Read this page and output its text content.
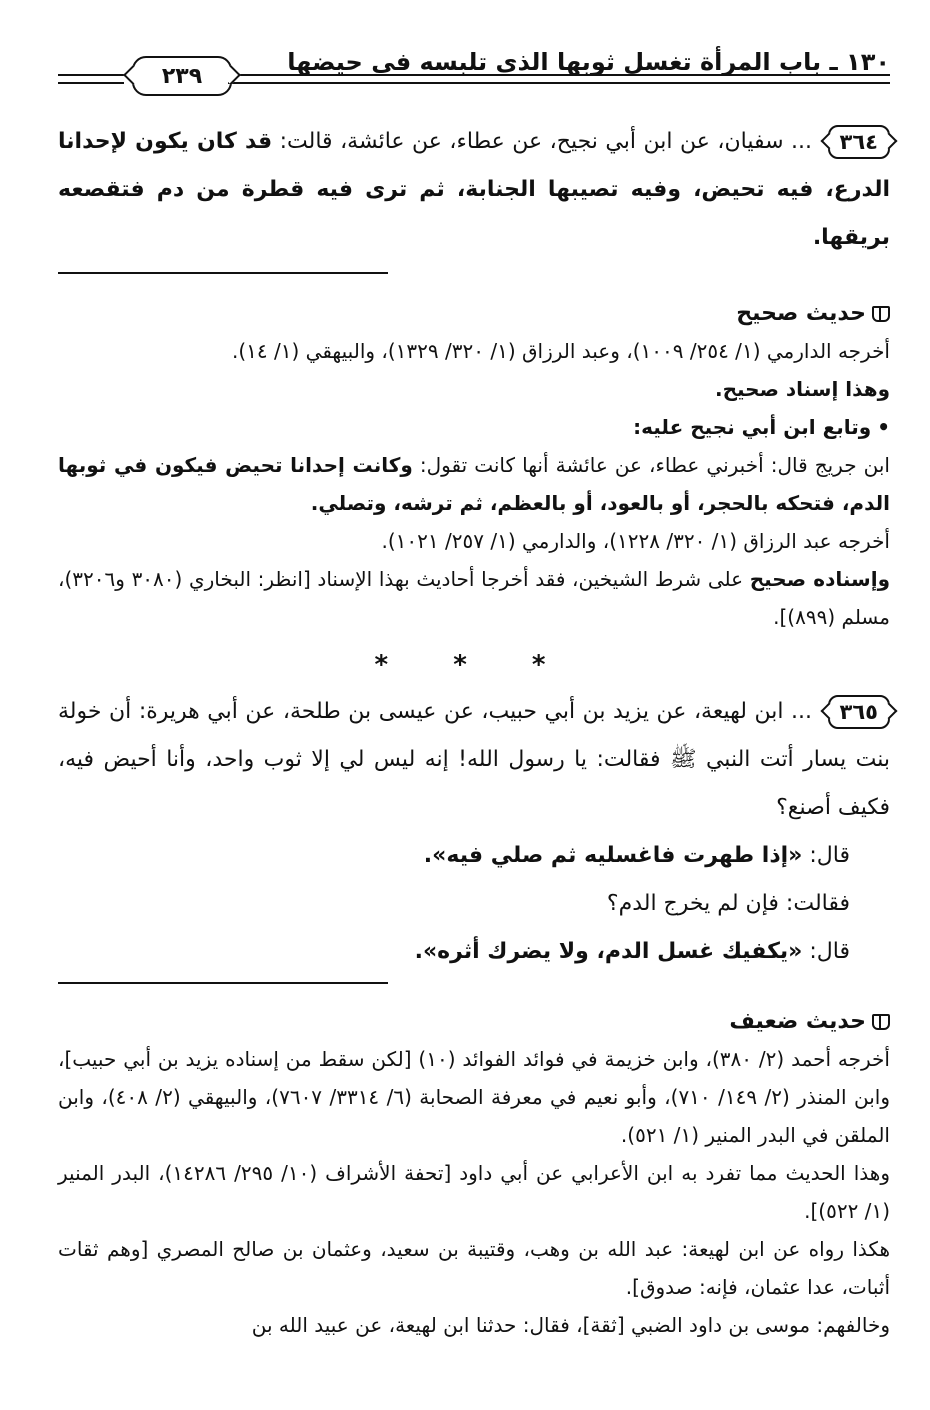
١٣٠ ـ باب المرأة تغسل ثوبها الذي تلبسه في حيضها
٢٣٩

٣٦٤ ... سفيان، عن ابن أبي نجيح، عن عطاء، عن عائشة، قالت: قد كان يكون لإحدانا الدرع، فيه تحيض، وفيه تصيبها الجنابة، ثم ترى فيه قطرة من دم فتقصعه بريقها.

حديث صحيح

أخرجه الدارمي (١/ ٢٥٤/ ١٠٠٩)، وعبد الرزاق (١/ ٣٢٠/ ١٣٢٩)، والبيهقي (١/ ١٤).

وهذا إسناد صحيح.

•وتابع ابن أبي نجيح عليه:

ابن جريج قال: أخبرني عطاء، عن عائشة أنها كانت تقول: وكانت إحدانا تحيض فيكون في ثوبها الدم، فتحكه بالحجر، أو بالعود، أو بالعظم، ثم ترشه، وتصلي.

أخرجه عبد الرزاق (١/ ٣٢٠/ ١٢٢٨)، والدارمي (١/ ٢٥٧/ ١٠٢١).

وإسناده صحيح على شرط الشيخين، فقد أخرجا أحاديث بهذا الإسناد [انظر: البخاري (٣٠٨٠ و٣٢٠٦)، مسلم (٨٩٩)].

* * *

٣٦٥ ... ابن لهيعة، عن يزيد بن أبي حبيب، عن عيسى بن طلحة، عن أبي هريرة: أن خولة بنت يسار أتت النبي ﷺ فقالت: يا رسول الله! إنه ليس لي إلا ثوب واحد، وأنا أحيض فيه، فكيف أصنع؟

قال: «إذا طهرت فاغسليه ثم صلي فيه».

فقالت: فإن لم يخرج الدم؟

قال: «يكفيك غسل الدم، ولا يضرك أثره».

حديث ضعيف

أخرجه أحمد (٢/ ٣٨٠)، وابن خزيمة في فوائد الفوائد (١٠) [لكن سقط من إسناده يزيد بن أبي حبيب]، وابن المنذر (٢/ ١٤٩/ ٧١٠)، وأبو نعيم في معرفة الصحابة (٦/ ٣٣١٤/ ٧٦٠٧)، والبيهقي (٢/ ٤٠٨)، وابن الملقن في البدر المنير (١/ ٥٢١).

وهذا الحديث مما تفرد به ابن الأعرابي عن أبي داود [تحفة الأشراف (١٠/ ٢٩٥/ ١٤٢٨٦)، البدر المنير (١/ ٥٢٢)].

هكذا رواه عن ابن لهيعة: عبد الله بن وهب، وقتيبة بن سعيد، وعثمان بن صالح المصري [وهم ثقات أثبات، عدا عثمان، فإنه: صدوق].

وخالفهم: موسى بن داود الضبي [ثقة]، فقال: حدثنا ابن لهيعة، عن عبيد الله بن
